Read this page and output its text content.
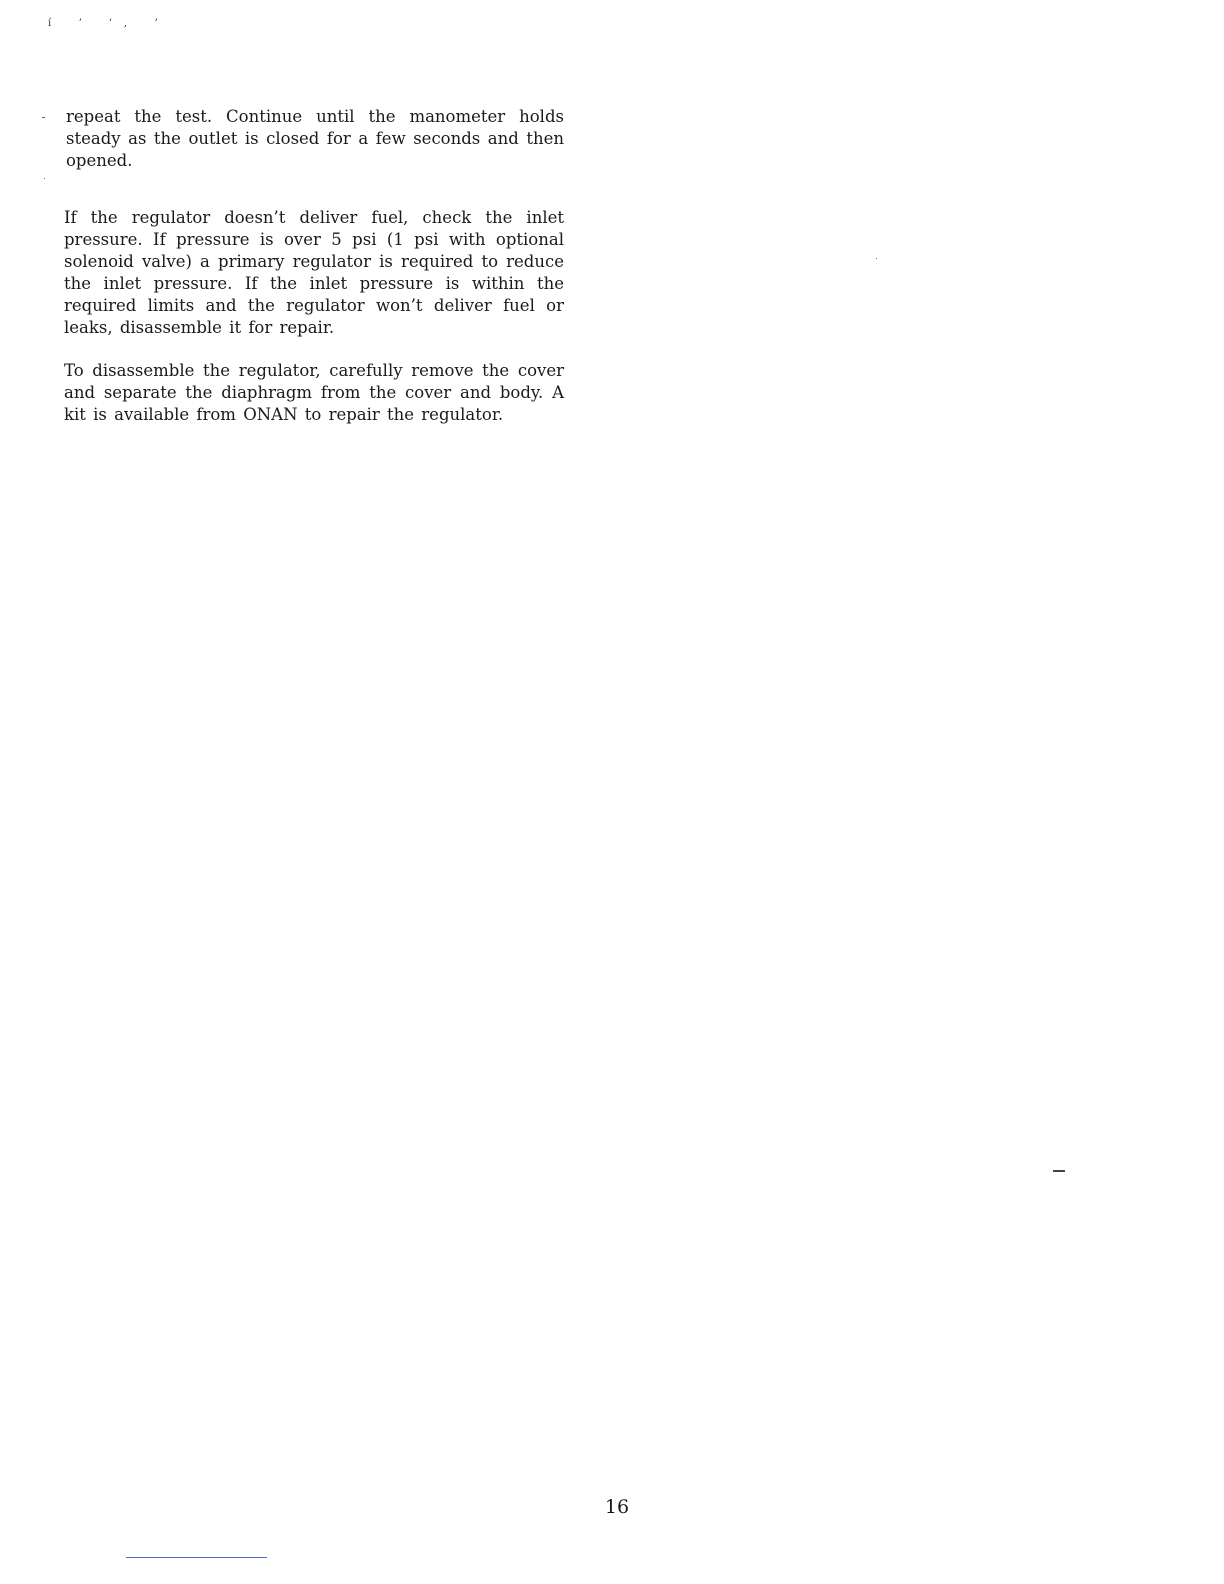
í ʼ ʻ, ʼ

repeat the test. Continue until the manometer holds steady as the outlet is closed for a few seconds and then opened.

If the regulator doesn’t deliver fuel, check the inlet pressure. If pressure is over 5 psi (1 psi with optional solenoid valve) a primary regulator is required to reduce the inlet pressure. If the inlet pressure is within the required limits and the regulator won’t deliver fuel or leaks, disassemble it for repair.

To disassemble the regulator, carefully remove the cover and separate the diaphragm from the cover and body. A kit is available from ONAN to repair the regulator.

16
